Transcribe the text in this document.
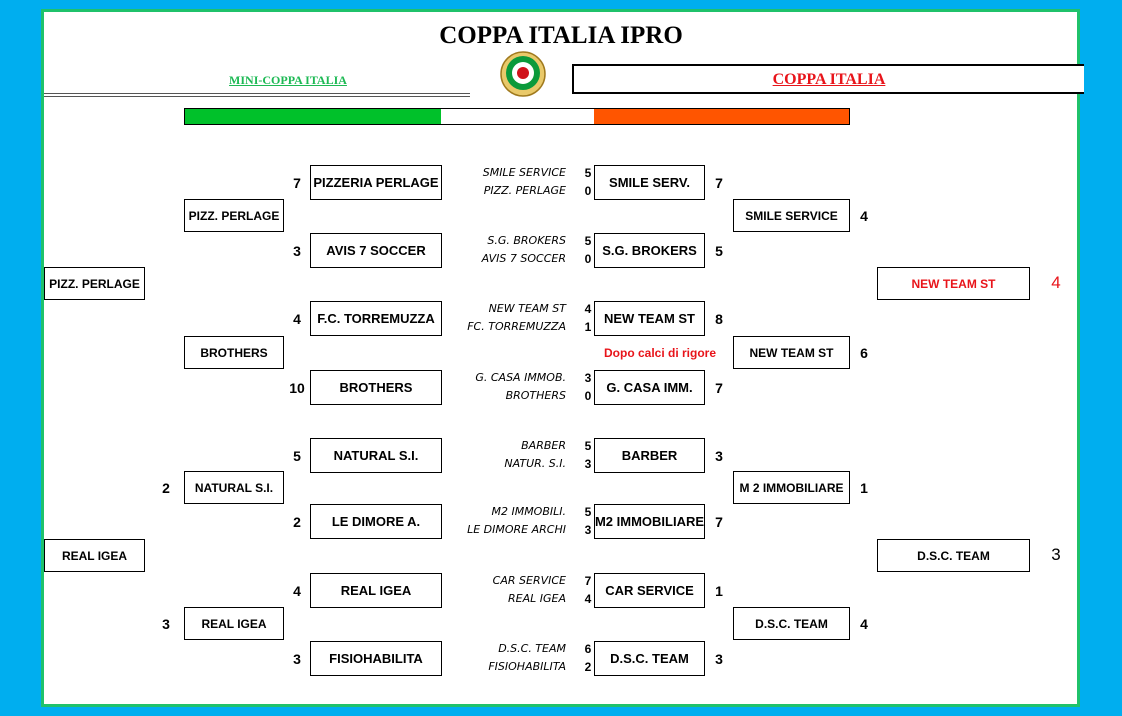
COPPA ITALIA IPRO
MINI-COPPA ITALIA	COPPA ITALIA
PIZZERIA PERLAGE
7
AVIS 7 SOCCER
3
F.C. TORREMUZZA
4
BROTHERS
10
NATURAL S.I.
5
LE DIMORE A.
2
REAL IGEA
4
FISIOHABILITA
3
PIZZ. PERLAGE
BROTHERS
NATURAL S.I.
2
REAL IGEA
3
PIZZ. PERLAGE
REAL IGEA
SMILE SERVICE 5
PIZZ. PERLAGE 0
S.G. BROKERS 5
AVIS 7 SOCCER 0
NEW TEAM ST 4
FC. TORREMUZZA 1
G. CASA IMMOB. 3
BROTHERS 0
BARBER 5
NATUR. S.I. 3
M2 IMMOBILI. 5
LE DIMORE ARCHI 3
CAR SERVICE 7
REAL IGEA 4
D.S.C. TEAM 6
FISIOHABILITA 2
SMILE SERV.	7
S.G. BROKERS	5
NEW TEAM ST	8
G. CASA IMM.	7
BARBER	3
M2 IMMOBILIARE 7
CAR SERVICE	1
D.S.C. TEAM	3
SMILE SERVICE	4
NEW TEAM ST	6
M 2 IMMOBILIARE	1
D.S.C. TEAM	4
NEW TEAM ST	4
D.S.C. TEAM	3
Dopo calci di rigore
